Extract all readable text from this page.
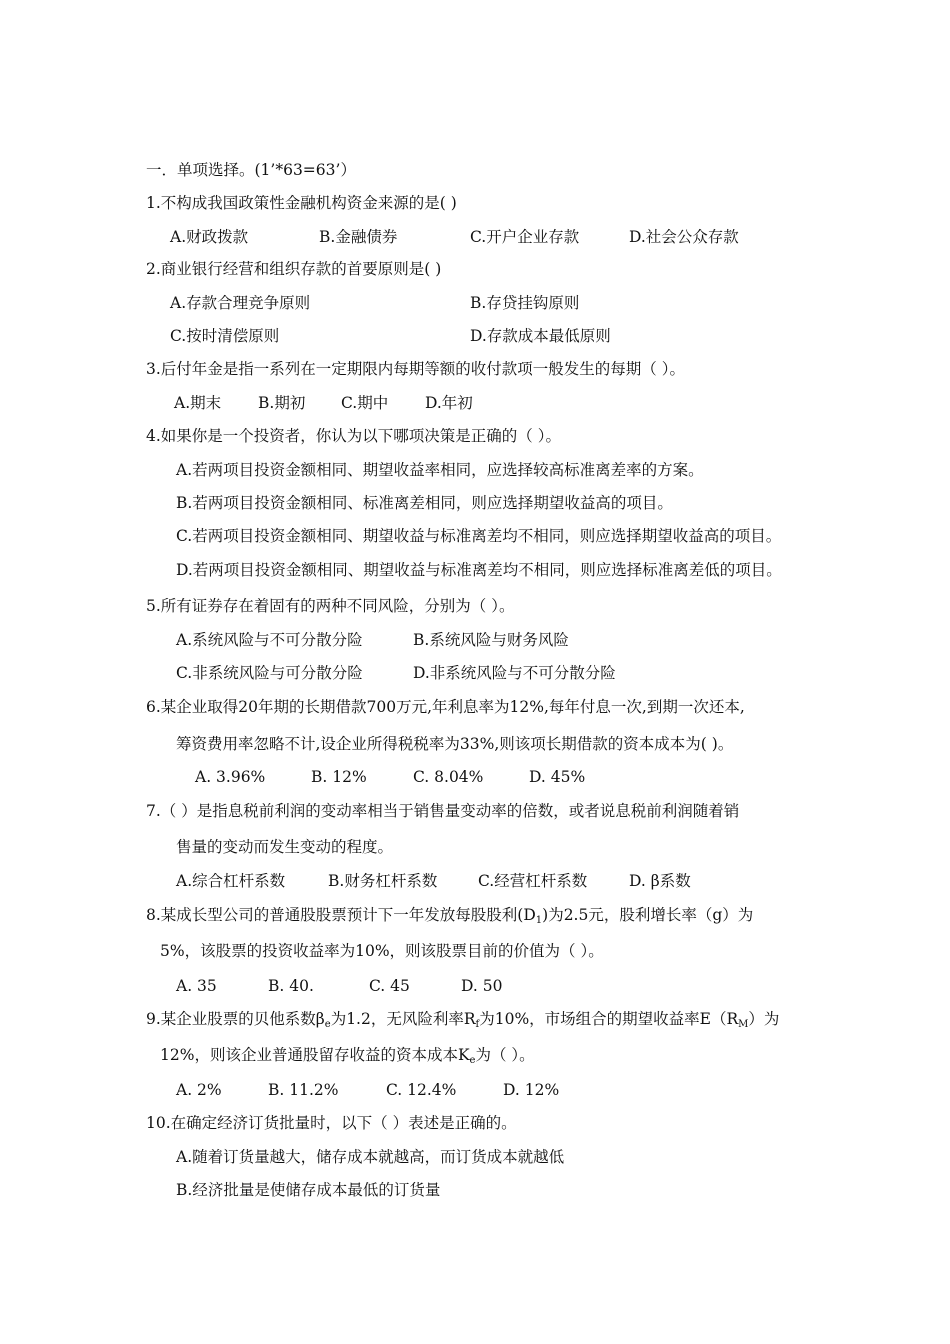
一．单项选择。(1’*63=63’）
1.不构成我国政策性金融机构资金来源的是( )
A.财政拨款	B.金融债券	C.开户企业存款	D.社会公众存款
2.商业银行经营和组织存款的首要原则是( )
A.存款合理竞争原则	B.存贷挂钩原则
C.按时清偿原则	D.存款成本最低原则
3.后付年金是指一系列在一定期限内每期等额的收付款项一般发生的每期（ ）。
A.期末 B.期初 C.期中 D.年初
4.如果你是一个投资者，你认为以下哪项决策是正确的（ ）。
A.若两项目投资金额相同、期望收益率相同，应选择较高标准离差率的方案。
B.若两项目投资金额相同、标准离差相同，则应选择期望收益高的项目。
C.若两项目投资金额相同、期望收益与标准离差均不相同，则应选择期望收益高的项目。
D.若两项目投资金额相同、期望收益与标准离差均不相同，则应选择标准离差低的项目。
5.所有证券存在着固有的两种不同风险，分别为（ ）。
A.系统风险与不可分散分险	B.系统风险与财务风险
C.非系统风险与可分散分险	D.非系统风险与不可分散分险
6.某企业取得20年期的长期借款700万元,年利息率为12%,每年付息一次,到期一次还本,
筹资费用率忽略不计,设企业所得税税率为33%,则该项长期借款的资本成本为( )。
A. 3.96%	B. 12%	C. 8.04%	D. 45%
7.（ ）是指息税前利润的变动率相当于销售量变动率的倍数，或者说息税前利润随着销
售量的变动而发生变动的程度。
A.综合杠杆系数	B.财务杠杆系数	C.经营杠杆系数	D. β系数
8.某成长型公司的普通股股票预计下一年发放每股股利$(D_1)$为2.5元，股利增长率（g）为
5%，该股票的投资收益率为10%，则该股票目前的价值为（ ）。
A. 35	B. 40.	C. 45	D. 50
9.某企业股票的贝他系数$\beta_e$为1.2，无风险利率$R_f$为10%，市场组合的期望收益率$E(R_M)$为
12%，则该企业普通股留存收益的资本成本$K_e$为（ ）。
A. 2%	B. 11.2%	C. 12.4%	D. 12%
10.在确定经济订货批量时，以下（ ）表述是正确的。
A.随着订货量越大，储存成本就越高，而订货成本就越低
B.经济批量是使储存成本最低的订货量
